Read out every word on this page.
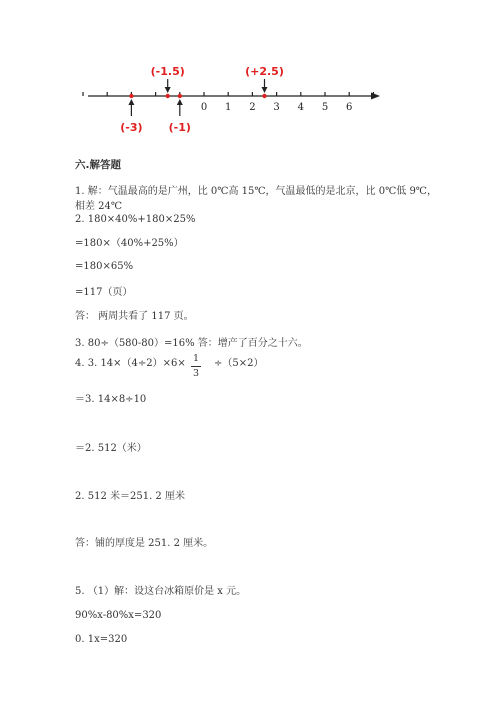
0 1 2 3 4 5 6
(-1.5)	(+2.5)
(-3) (-1)
六.解答题
1. 解：气温最高的是广州，比 0℃高 15℃，气温最低的是北京，比 0℃低 9℃，
相差 24℃
2. 180×40%+180×25%
=180×（40%+25%）
=180×65%
=117（页）
答： 两周共看了 117 页。
3. 80÷（580-80）=16% 答：增产了百分之十六。
4. 3. 14×（4÷2）×6× 1
3
÷（5×2）
＝3. 14×8÷10
＝2. 512（米）
2. 512 米＝251. 2 厘米
答：铺的厚度是 251. 2 厘米。
5. （1）解：设这台冰箱原价是 x 元。
90%x-80%x=320
0. 1x=320
